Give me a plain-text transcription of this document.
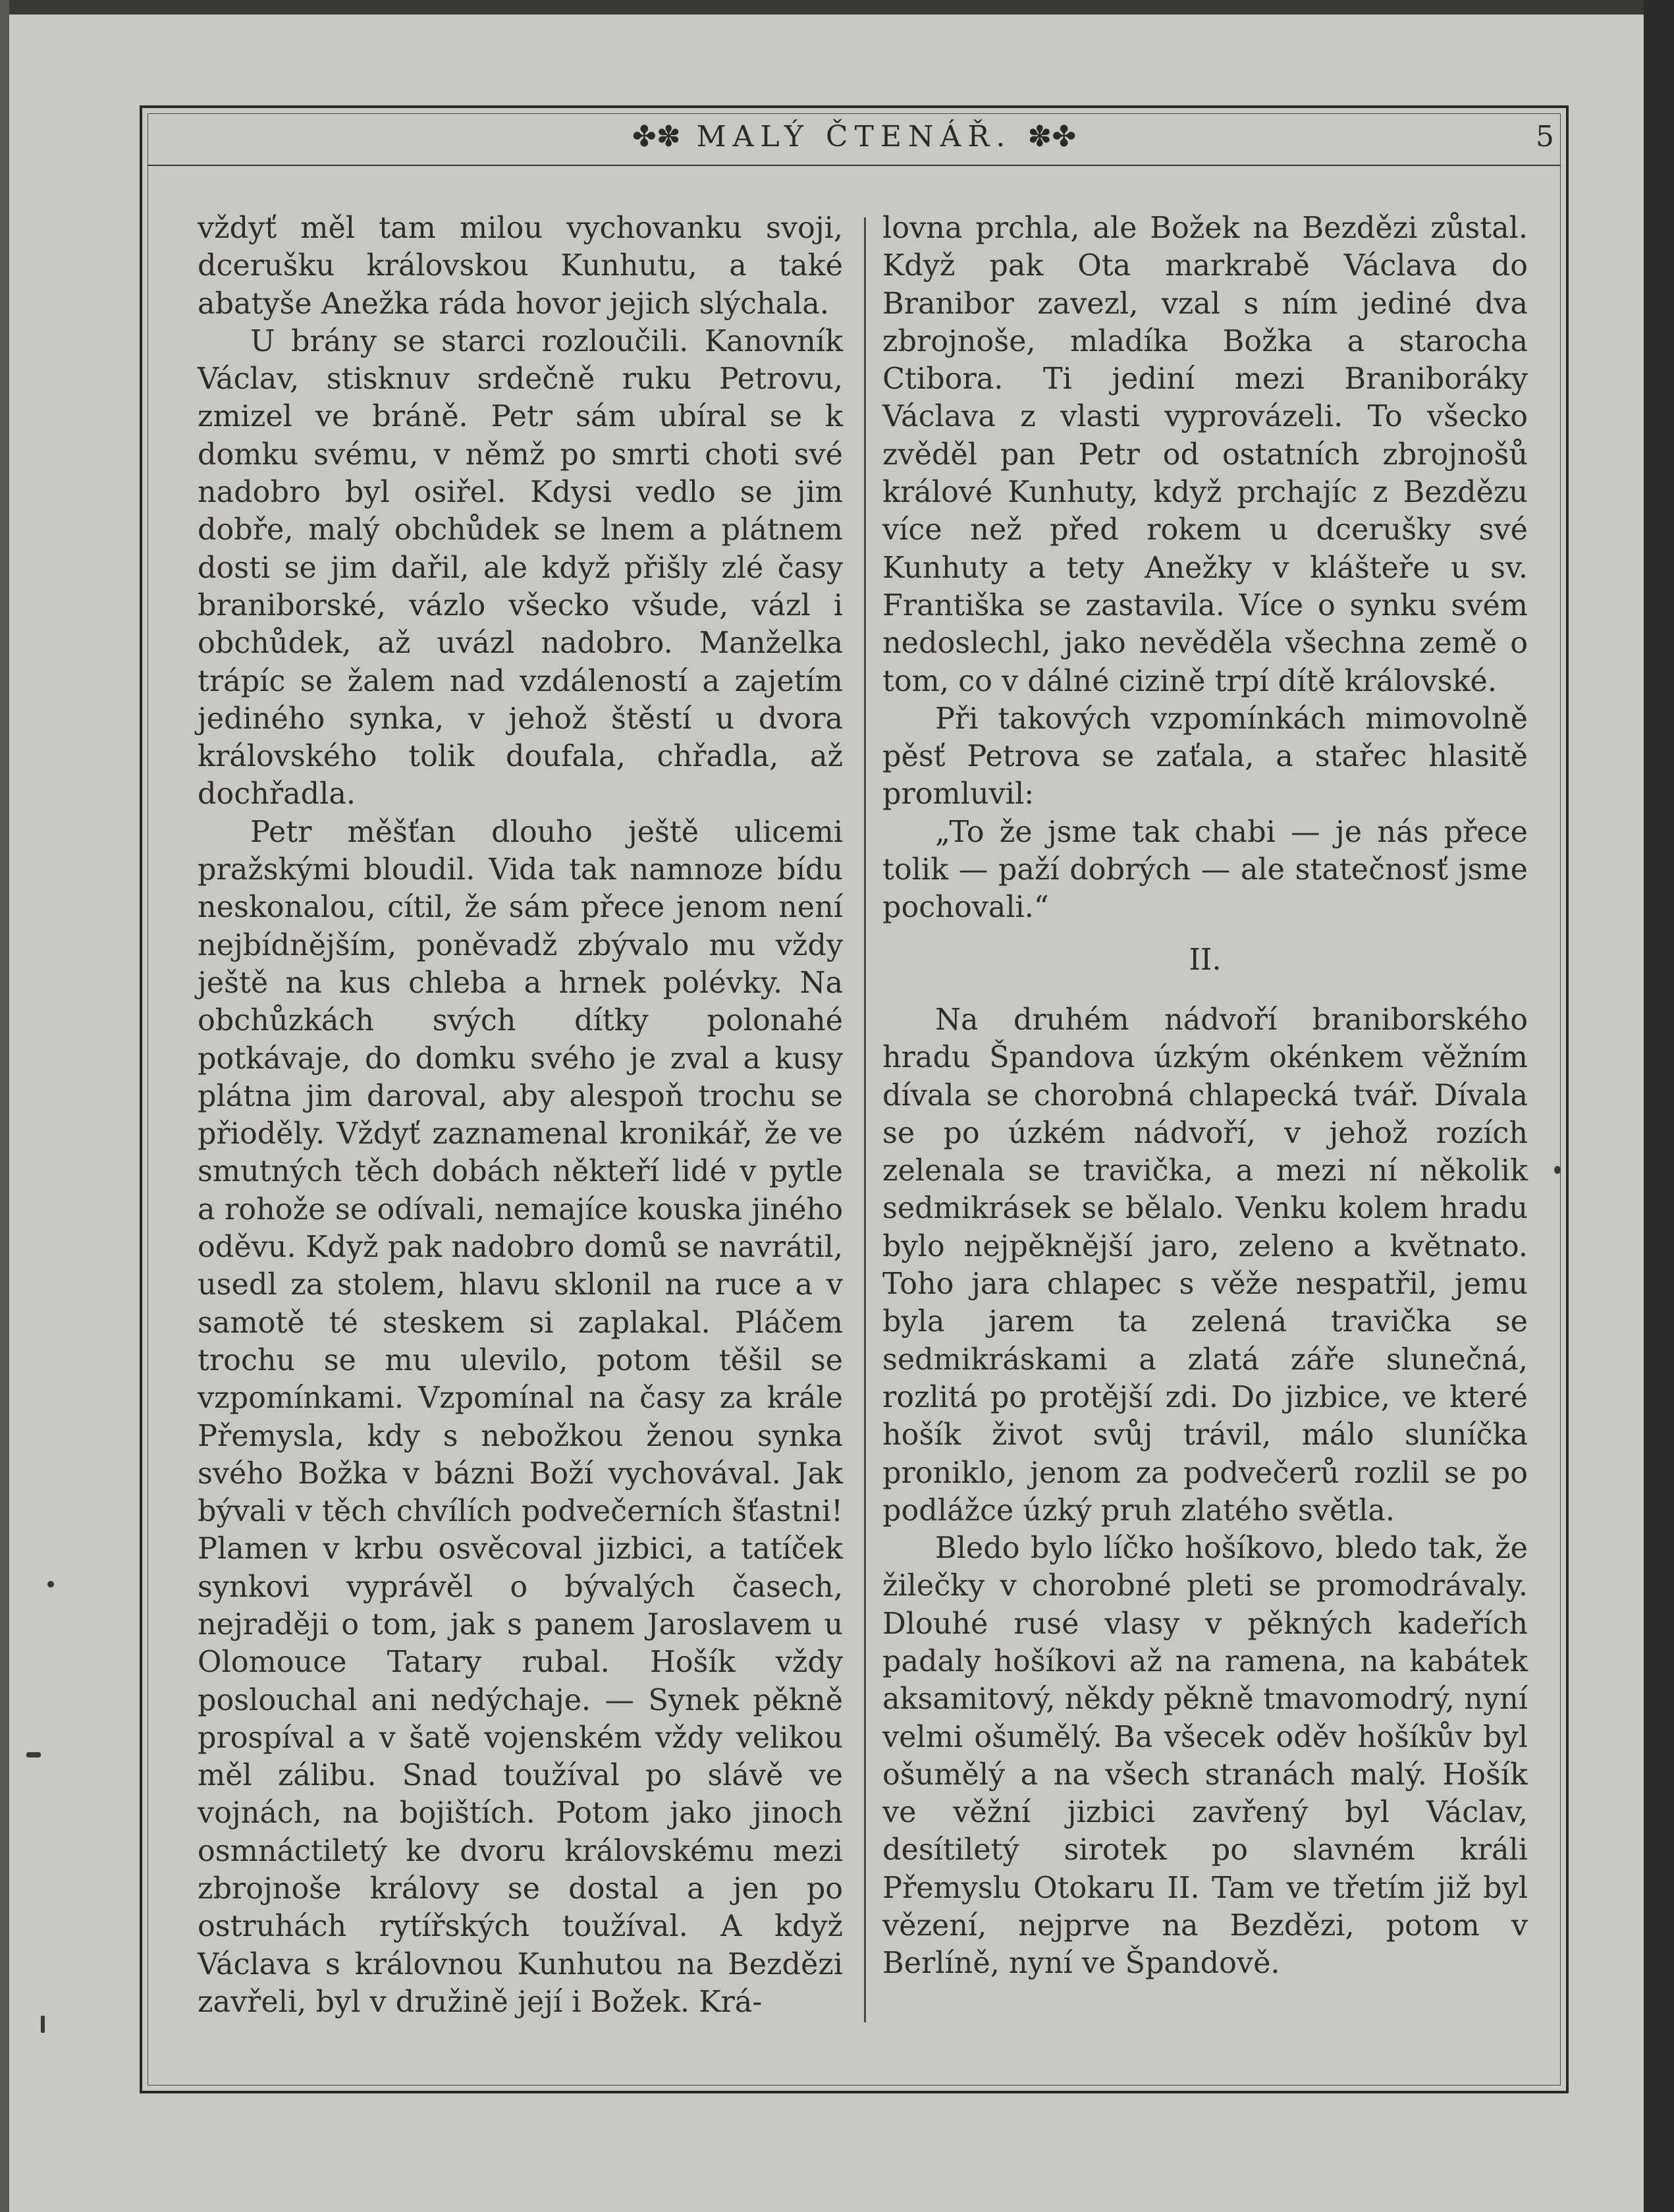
✤✽ MALÝ ČTENÁŘ. ✽✤	5

vždyť měl tam milou vychovanku svoji, dcerušku královskou Kunhutu, a také abatyše Anežka ráda hovor jejich slýchala.

U brány se starci rozloučili. Kanovník Václav, stisknuv srdečně ruku Petrovu, zmizel ve bráně. Petr sám ubíral se k domku svému, v němž po smrti choti své nadobro byl osiřel. Kdysi vedlo se jim dobře, malý obchůdek se lnem a plátnem dosti se jim dařil, ale když přišly zlé časy braniborské, vázlo všecko všude, vázl i obchůdek, až uvázl nadobro. Manželka trápíc se žalem nad vzdáleností a zajetím jediného synka, v jehož štěstí u dvora královského tolik doufala, chřadla, až dochřadla.

Petr měšťan dlouho ještě ulicemi pražskými bloudil. Vida tak namnoze bídu neskonalou, cítil, že sám přece jenom není nejbídnějším, poněvadž zbývalo mu vždy ještě na kus chleba a hrnek polévky. Na obchůzkách svých dítky polonahé potkávaje, do domku svého je zval a kusy plátna jim daroval, aby alespoň trochu se přioděly. Vždyť zaznamenal kronikář, že ve smutných těch dobách někteří lidé v pytle a rohože se odívali, nemajíce kouska jiného oděvu. Když pak nadobro domů se navrátil, usedl za stolem, hlavu sklonil na ruce a v samotě té steskem si zaplakal. Pláčem trochu se mu ulevilo, potom těšil se vzpomínkami. Vzpomínal na časy za krále Přemysla, kdy s nebožkou ženou synka svého Božka v bázni Boží vychovával. Jak bývali v těch chvílích podvečerních šťastni! Plamen v krbu osvěcoval jizbici, a tatíček synkovi vyprávěl o bývalých časech, nejraději o tom, jak s panem Jaroslavem u Olomouce Tatary rubal. Hošík vždy poslouchal ani nedýchaje. — Synek pěkně prospíval a v šatě vojenském vždy velikou měl zálibu. Snad toužíval po slávě ve vojnách, na bojištích. Potom jako jinoch osmnáctiletý ke dvoru královskému mezi zbrojnoše královy se dostal a jen po ostruhách rytířských toužíval. A když Václava s královnou Kunhutou na Bezdězi zavřeli, byl v družině její i Božek. Krá-

lovna prchla, ale Božek na Bezdězi zůstal. Když pak Ota markrabě Václava do Branibor zavezl, vzal s ním jediné dva zbrojnoše, mladíka Božka a starocha Ctibora. Ti jediní mezi Braniboráky Václava z vlasti vyprovázeli. To všecko zvěděl pan Petr od ostatních zbrojnošů králové Kunhuty, když prchajíc z Bezdězu více než před rokem u dcerušky své Kunhuty a tety Anežky v klášteře u sv. Františka se zastavila. Více o synku svém nedoslechl, jako nevěděla všechna země o tom, co v dálné cizině trpí dítě královské.

Při takových vzpomínkách mimovolně pěsť Petrova se zaťala, a stařec hlasitě promluvil:

„To že jsme tak chabi — je nás přece tolik — paží dobrých — ale statečnosť jsme pochovali.“

II.

Na druhém nádvoří braniborského hradu Špandova úzkým okénkem věžním dívala se chorobná chlapecká tvář. Dívala se po úzkém nádvoří, v jehož rozích zelenala se travička, a mezi ní několik sedmikrásek se bělalo. Venku kolem hradu bylo nejpěknější jaro, zeleno a květnato. Toho jara chlapec s věže nespatřil, jemu byla jarem ta zelená travička se sedmikráskami a zlatá záře slunečná, rozlitá po protější zdi. Do jizbice, ve které hošík život svůj trávil, málo sluníčka proniklo, jenom za podvečerů rozlil se po podlážce úzký pruh zlatého světla.

Bledo bylo líčko hošíkovo, bledo tak, že žilečky v chorobné pleti se promodrávaly. Dlouhé rusé vlasy v pěkných kadeřích padaly hošíkovi až na ramena, na kabátek aksamitový, někdy pěkně tmavomodrý, nyní velmi ošumělý. Ba všecek oděv hošíkův byl ošumělý a na všech stranách malý. Hošík ve věžní jizbici zavřený byl Václav, desítiletý sirotek po slavném králi Přemyslu Otokaru II. Tam ve třetím již byl vězení, nejprve na Bezdězi, potom v Berlíně, nyní ve Špandově.
